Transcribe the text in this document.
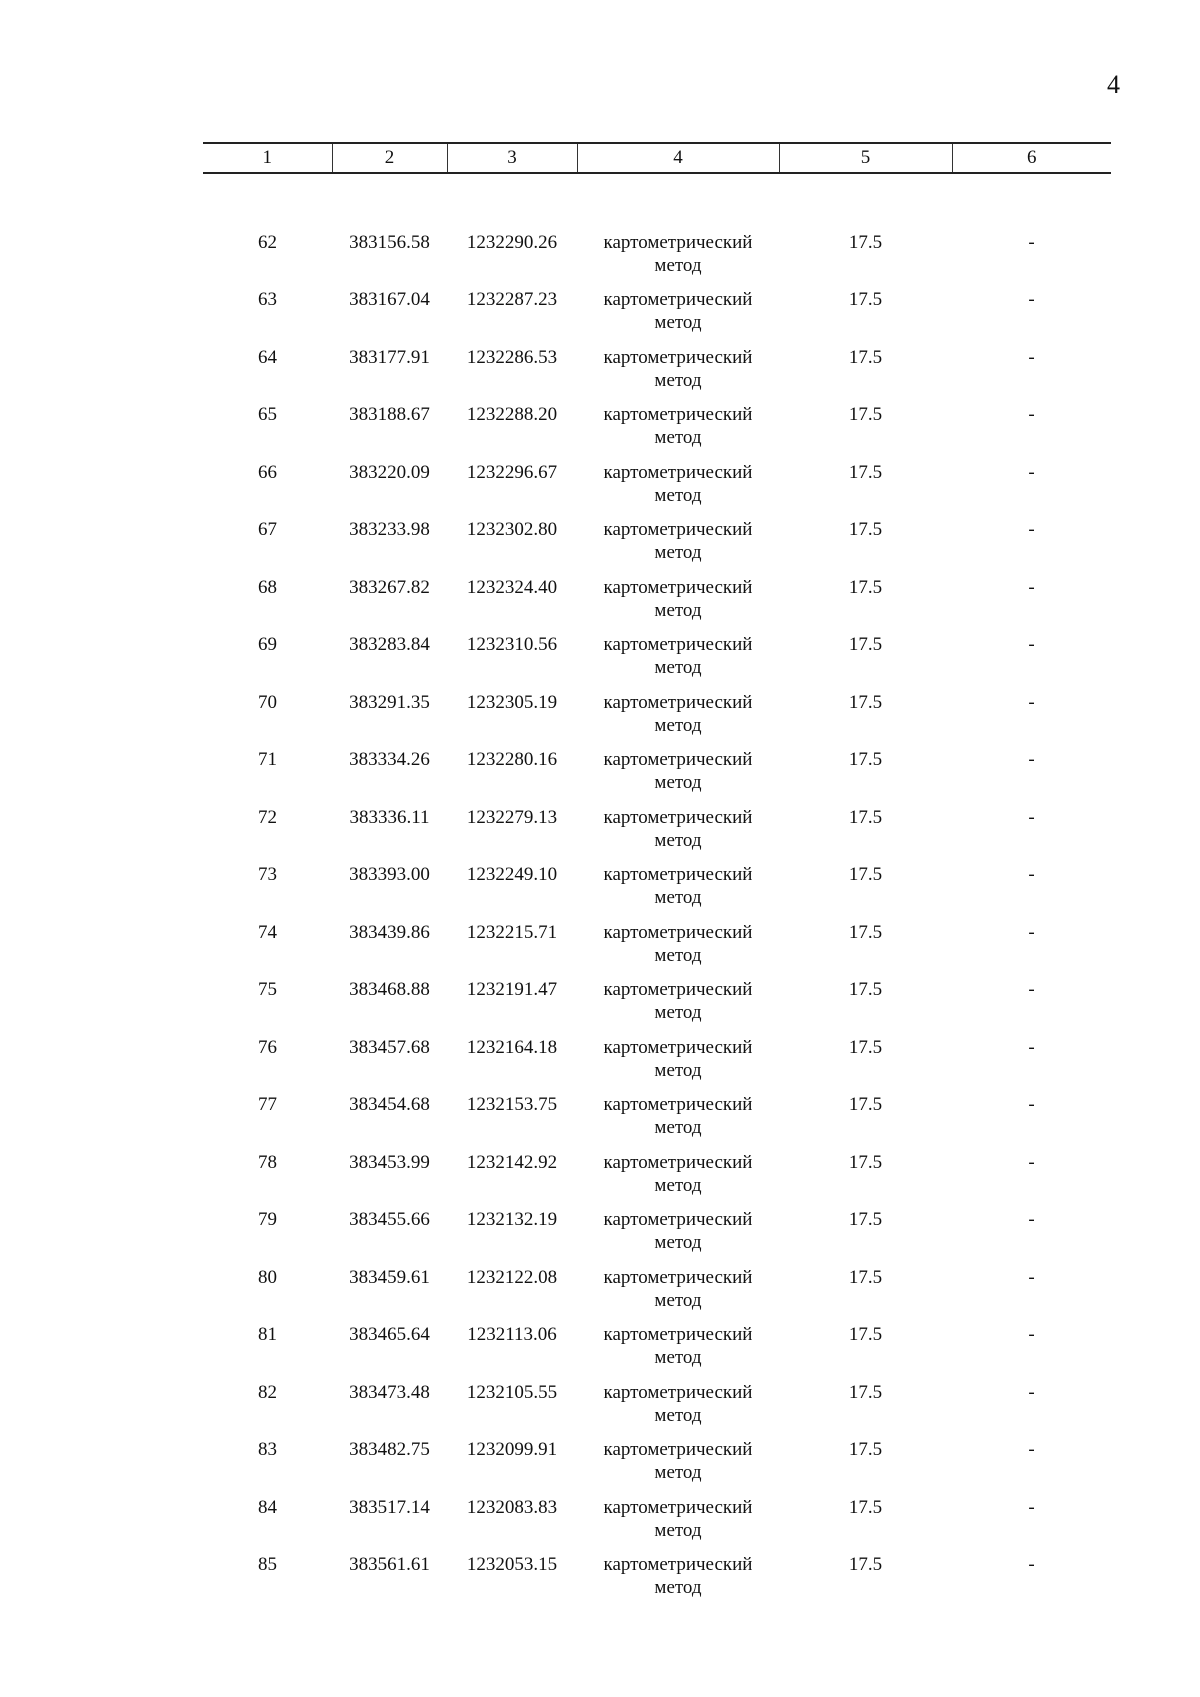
4
1	2	3	4	5	6

62	383156.58	1232290.26	картометрический
метод	17.5	-
63	383167.04	1232287.23	картометрический
метод	17.5	-
64	383177.91	1232286.53	картометрический
метод	17.5	-
65	383188.67	1232288.20	картометрический
метод	17.5	-
66	383220.09	1232296.67	картометрический
метод	17.5	-
67	383233.98	1232302.80	картометрический
метод	17.5	-
68	383267.82	1232324.40	картометрический
метод	17.5	-
69	383283.84	1232310.56	картометрический
метод	17.5	-
70	383291.35	1232305.19	картометрический
метод	17.5	-
71	383334.26	1232280.16	картометрический
метод	17.5	-
72	383336.11	1232279.13	картометрический
метод	17.5	-
73	383393.00	1232249.10	картометрический
метод	17.5	-
74	383439.86	1232215.71	картометрический
метод	17.5	-
75	383468.88	1232191.47	картометрический
метод	17.5	-
76	383457.68	1232164.18	картометрический
метод	17.5	-
77	383454.68	1232153.75	картометрический
метод	17.5	-
78	383453.99	1232142.92	картометрический
метод	17.5	-
79	383455.66	1232132.19	картометрический
метод	17.5	-
80	383459.61	1232122.08	картометрический
метод	17.5	-
81	383465.64	1232113.06	картометрический
метод	17.5	-
82	383473.48	1232105.55	картометрический
метод	17.5	-
83	383482.75	1232099.91	картометрический
метод	17.5	-
84	383517.14	1232083.83	картометрический
метод	17.5	-
85	383561.61	1232053.15	картометрический
метод	17.5	-
